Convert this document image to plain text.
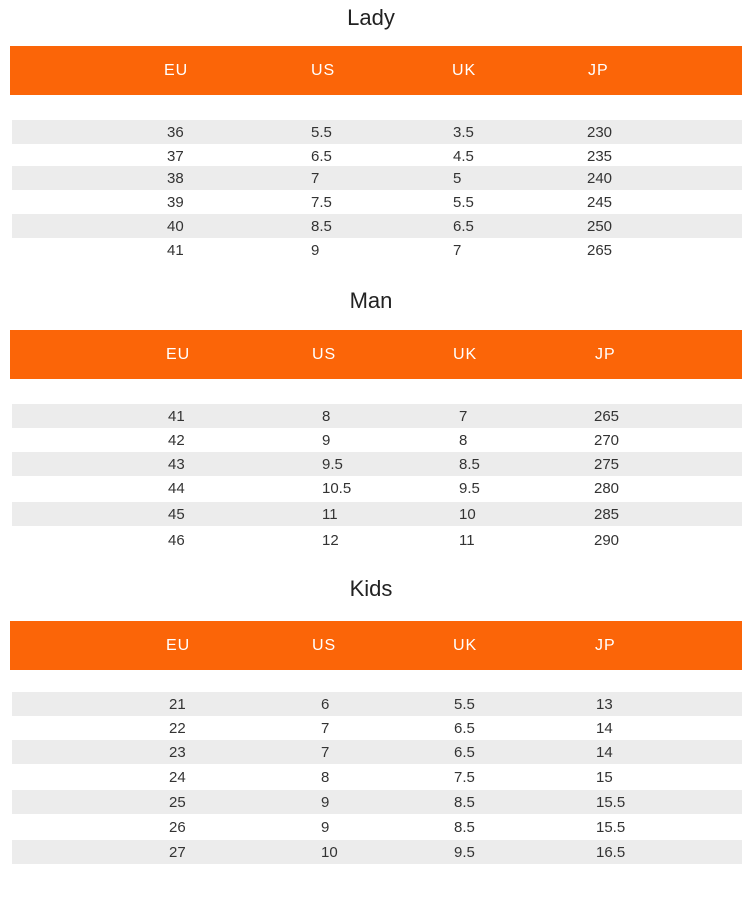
Lady
EU	US	UK	JP
36	5.5	3.5	230
37	6.5	4.5	235
38	7	5	240
39	7.5	5.5	245
40	8.5	6.5	250
41	9	7	265
Man
EU	US	UK	JP
41	8	7	265
42	9	8	270
43	9.5	8.5	275
44	10.5	9.5	280
45	11	10	285
46	12	11	290
Kids
EU	US	UK	JP
21	6	5.5	13
22	7	6.5	14
23	7	6.5	14
24	8	7.5	15
25	9	8.5	15.5
26	9	8.5	15.5
27	10	9.5	16.5
